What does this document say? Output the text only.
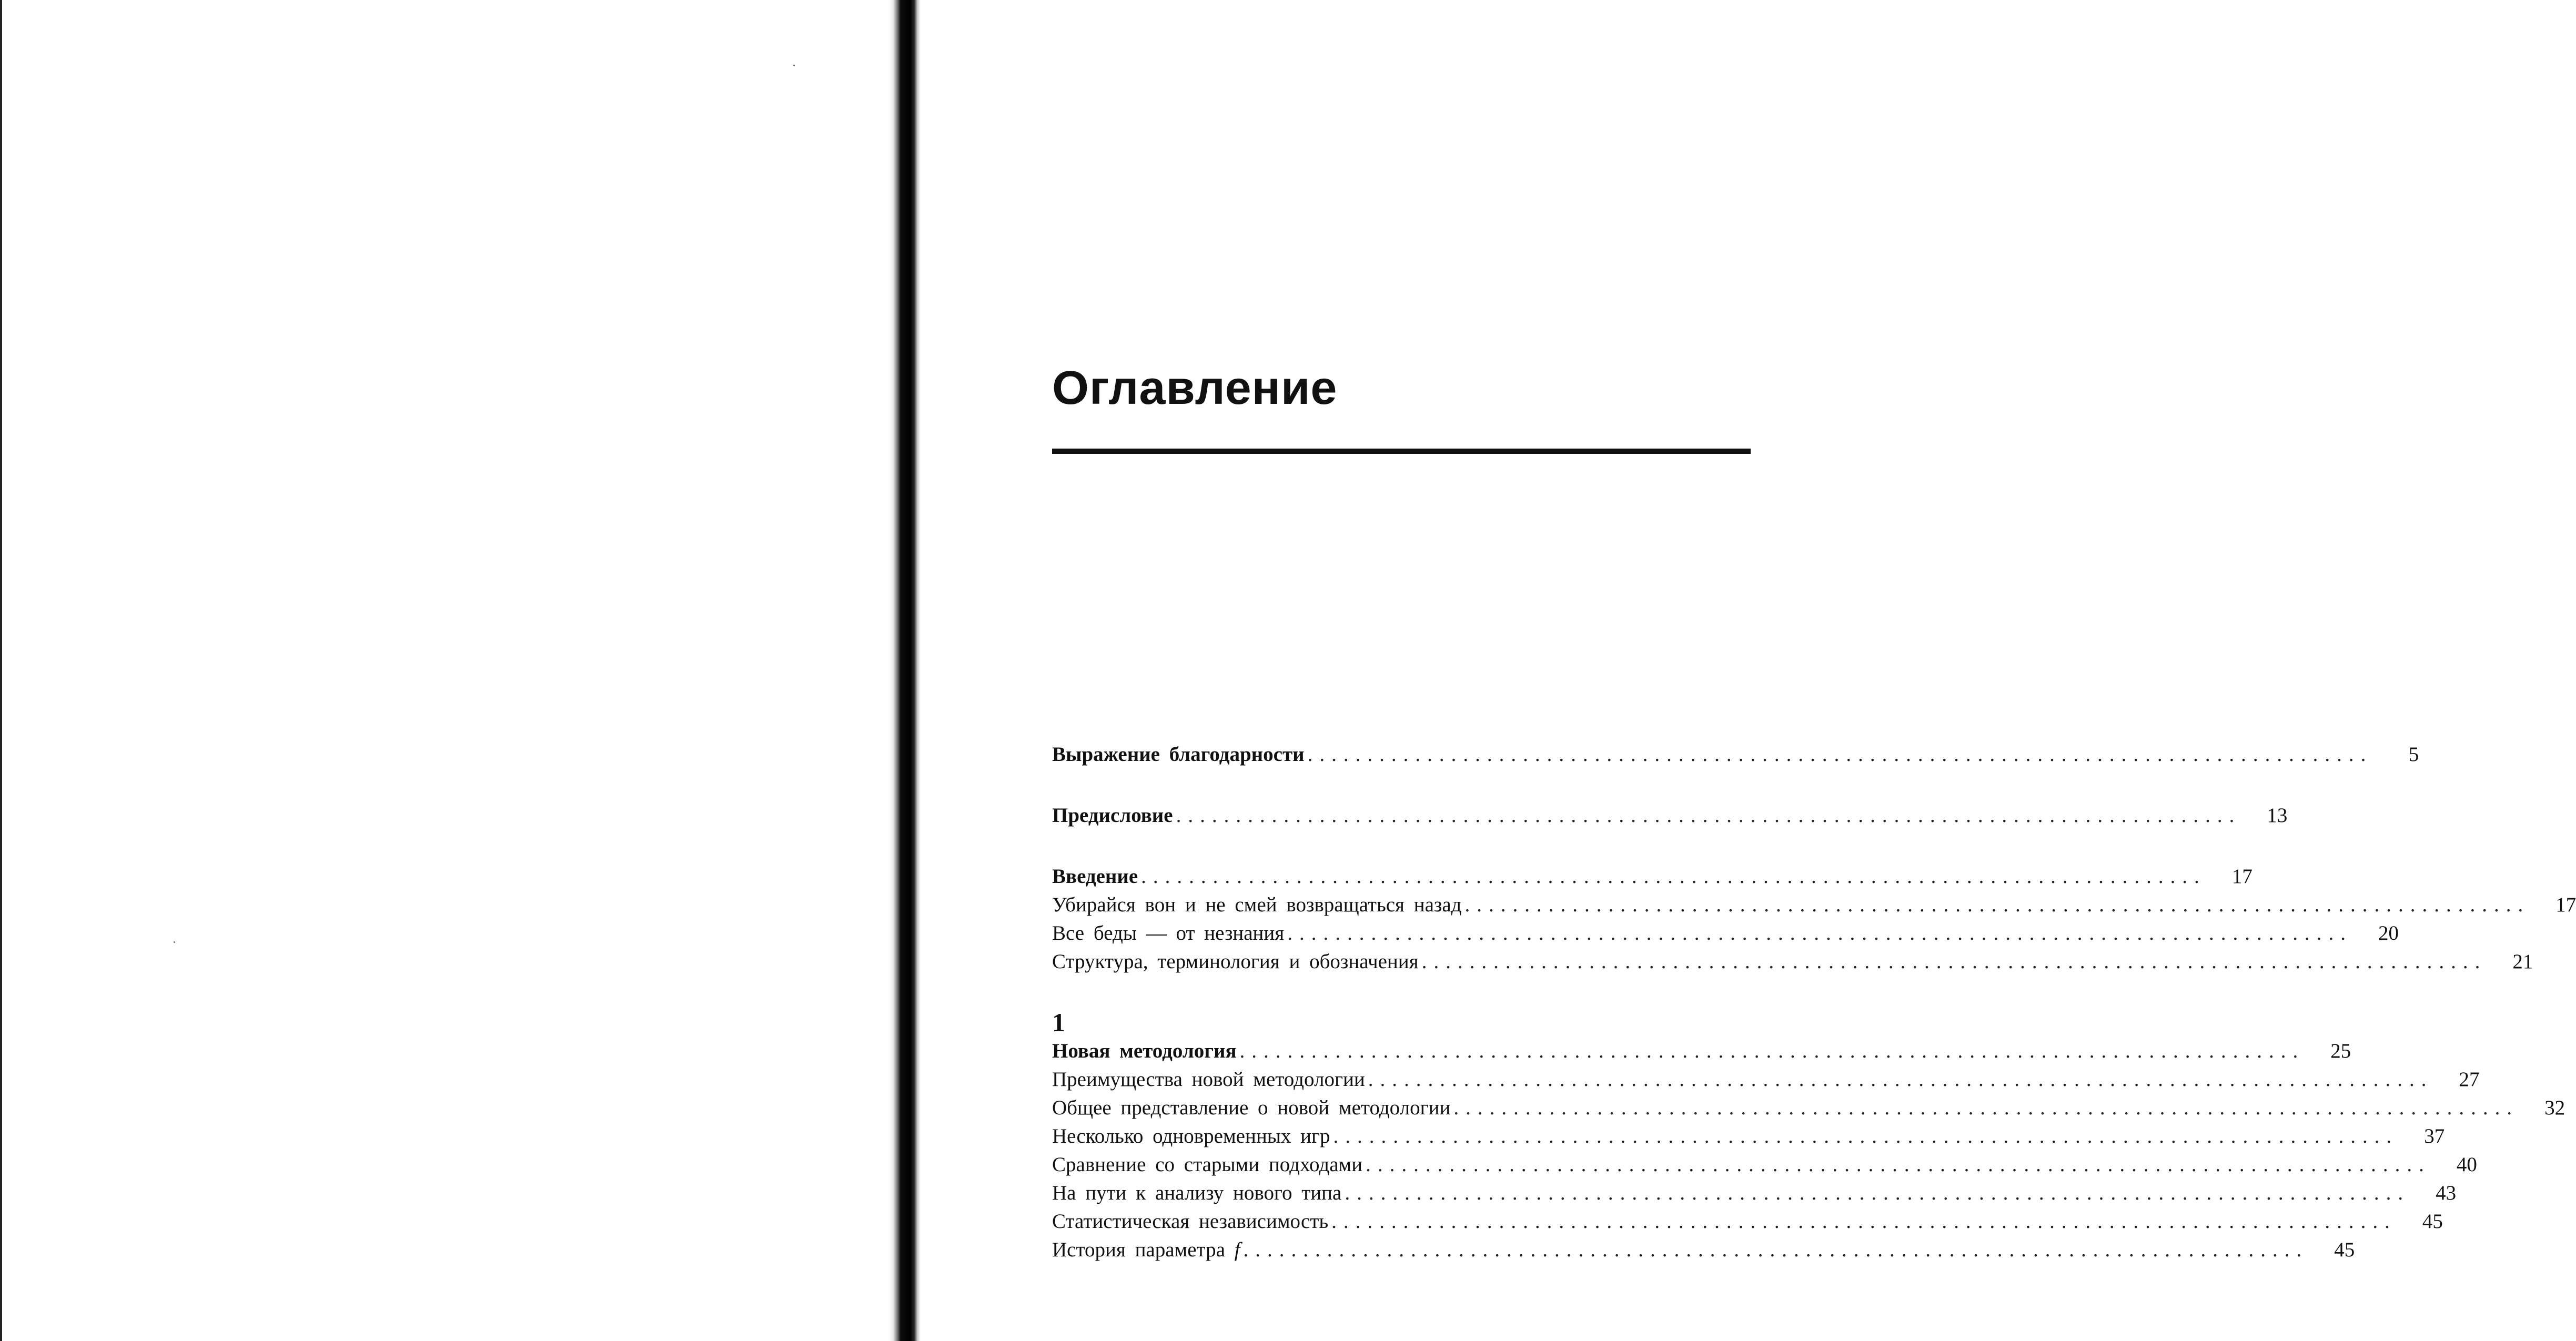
Оглавление
Выражение благодарности .........................................................................................	5
Предисловие .........................................................................................	13
Введение .........................................................................................	17
Убирайся вон и не смей возвращаться назад .........................................................................................	17
Все беды — от незнания .........................................................................................	20
Структура, терминология и обозначения .........................................................................................	21
1
Новая методология .........................................................................................	25
Преимущества новой методологии .........................................................................................	27
Общее представление о новой методологии .........................................................................................	32
Несколько одновременных игр .........................................................................................	37
Сравнение со старыми подходами .........................................................................................	40
На пути к анализу нового типа .........................................................................................	43
Статистическая независимость .........................................................................................	45
История параметра f .........................................................................................	45
